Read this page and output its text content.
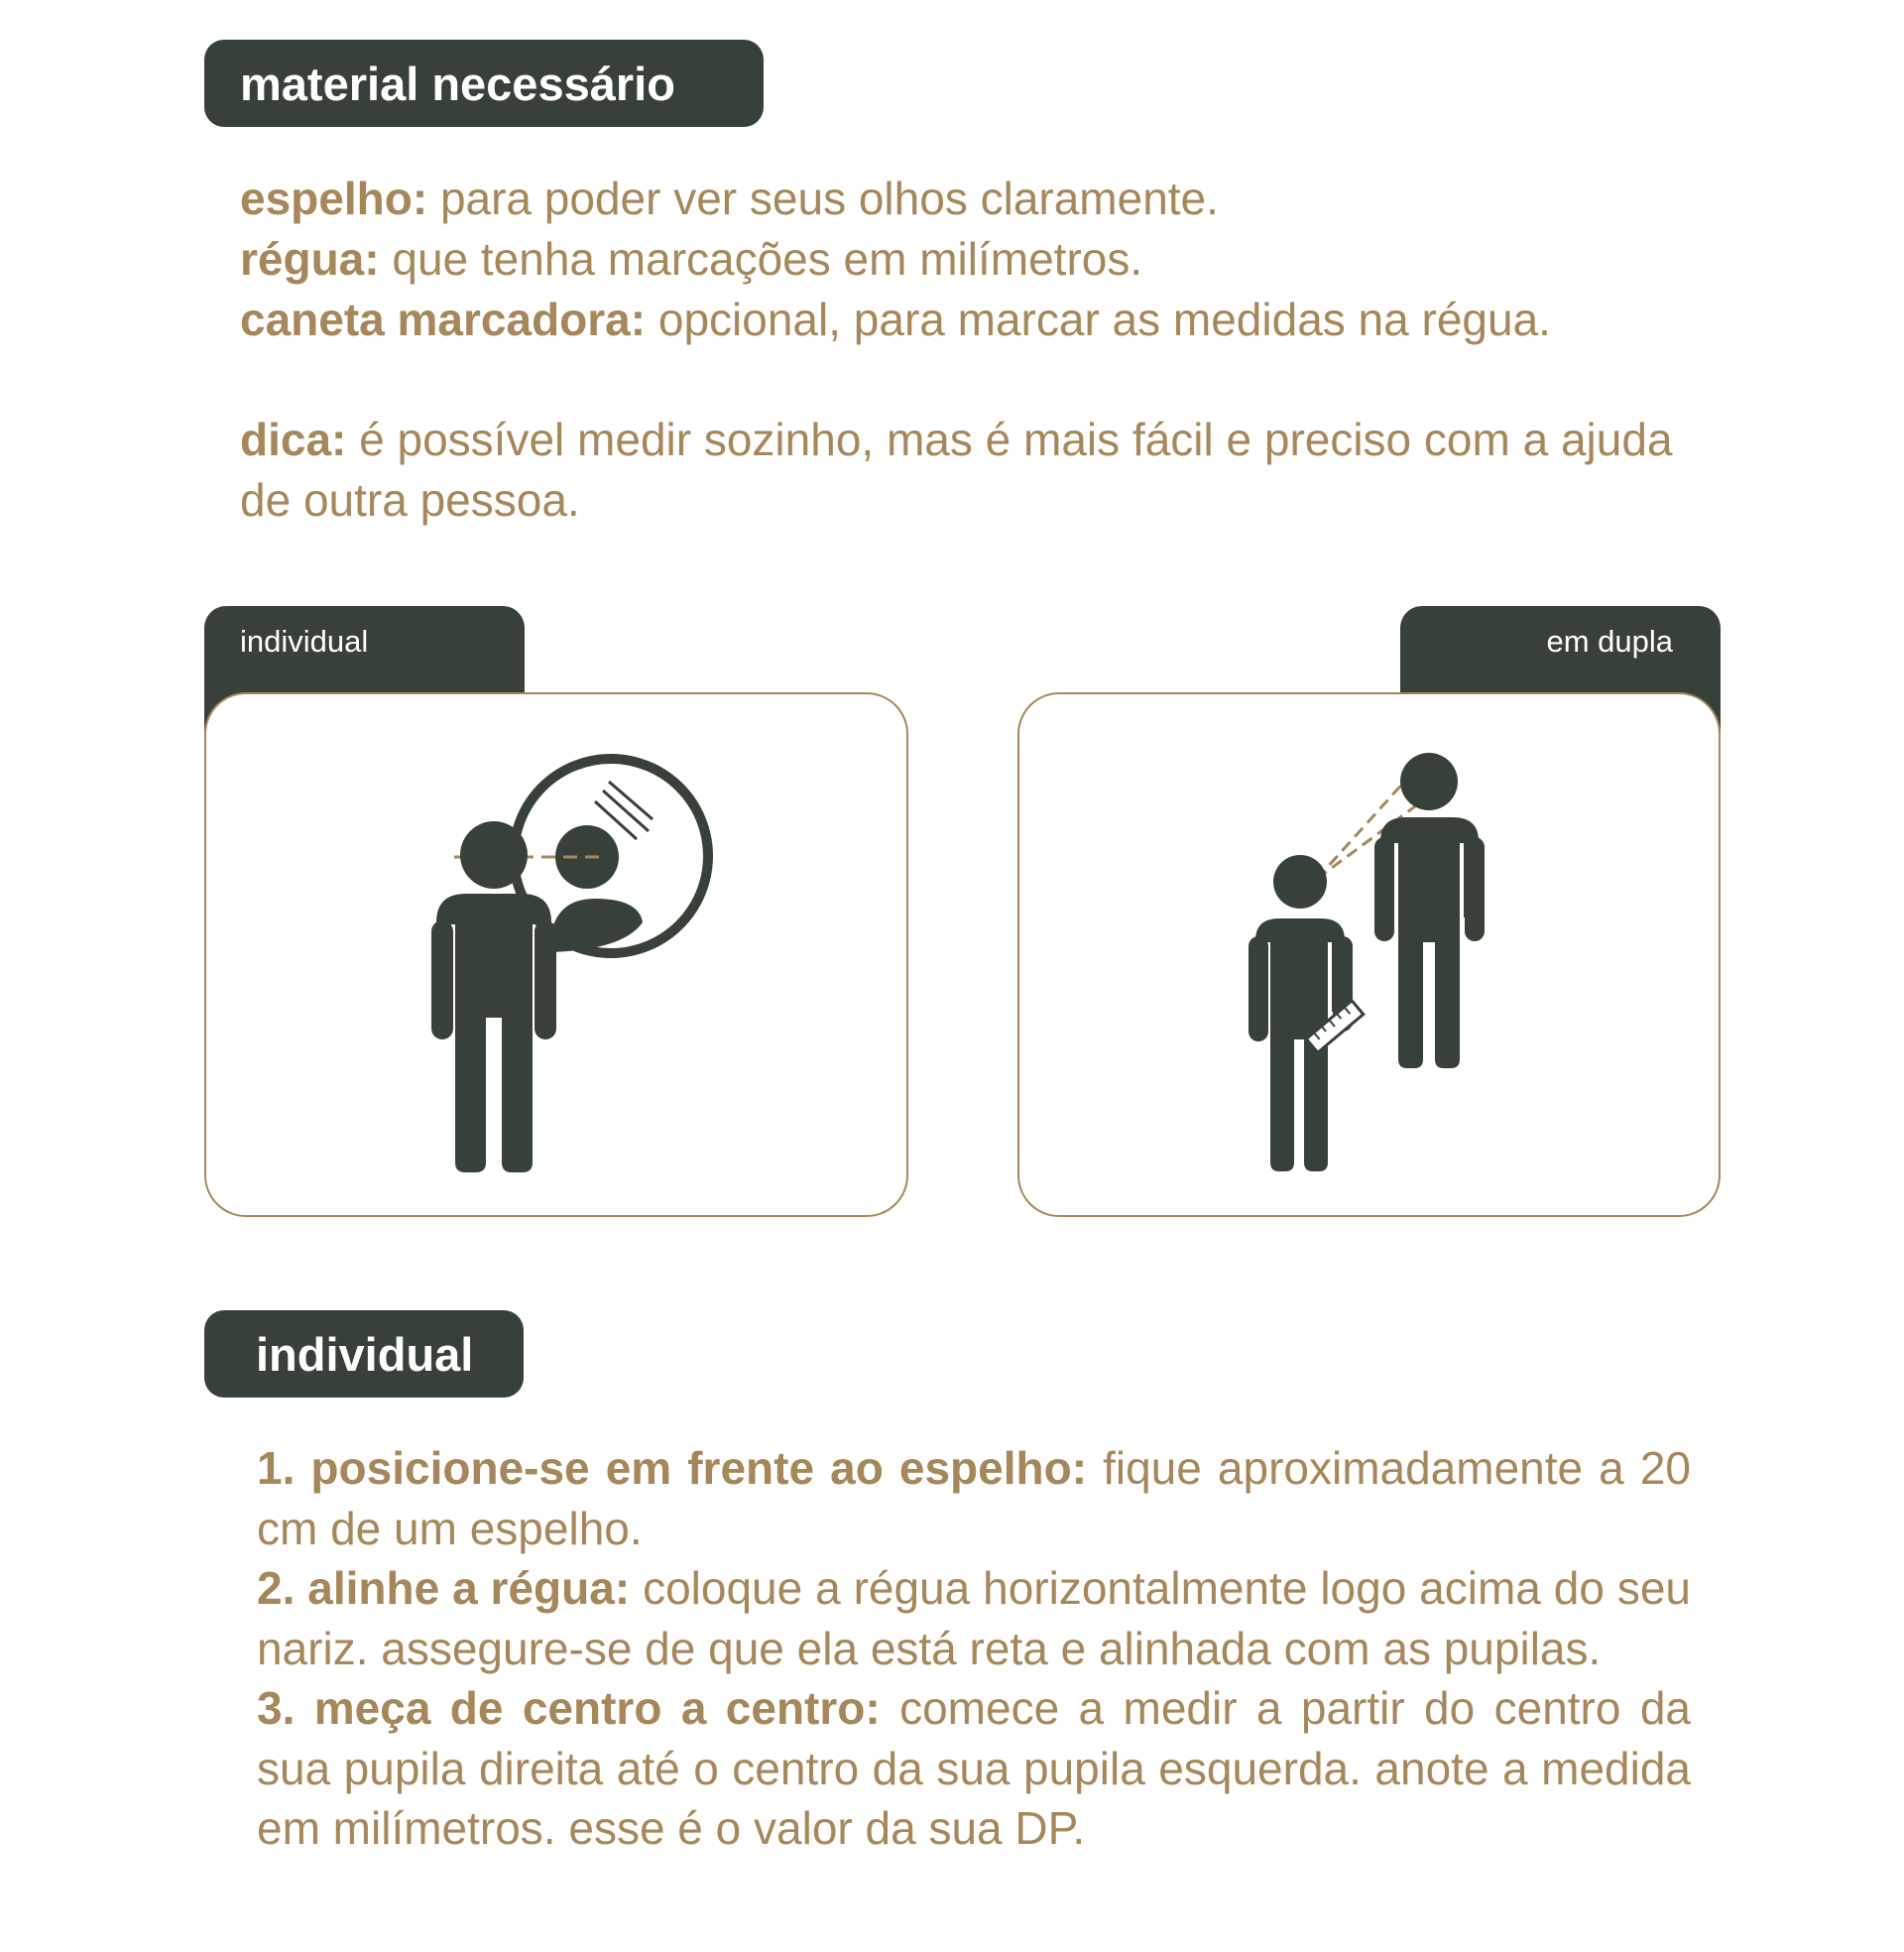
material necessário

espelho: para poder ver seus olhos claramente.

régua: que tenha marcações em milímetros.

caneta marcadora: opcional, para marcar as medidas na régua.

dica: é possível medir sozinho, mas é mais fácil e preciso com a ajuda de outra pessoa.

individual	em dupla
individual

1. posicione-se em frente ao espelho: fique aproximadamente a 20 cm de um espelho.

2. alinhe a régua: coloque a régua horizontalmente logo acima do seu nariz. assegure-se de que ela está reta e alinhada com as pupilas.

3. meça de centro a centro: comece a medir a partir do centro da sua pupila direita até o centro da sua pupila esquerda. anote a medida em milímetros. esse é o valor da sua DP.
